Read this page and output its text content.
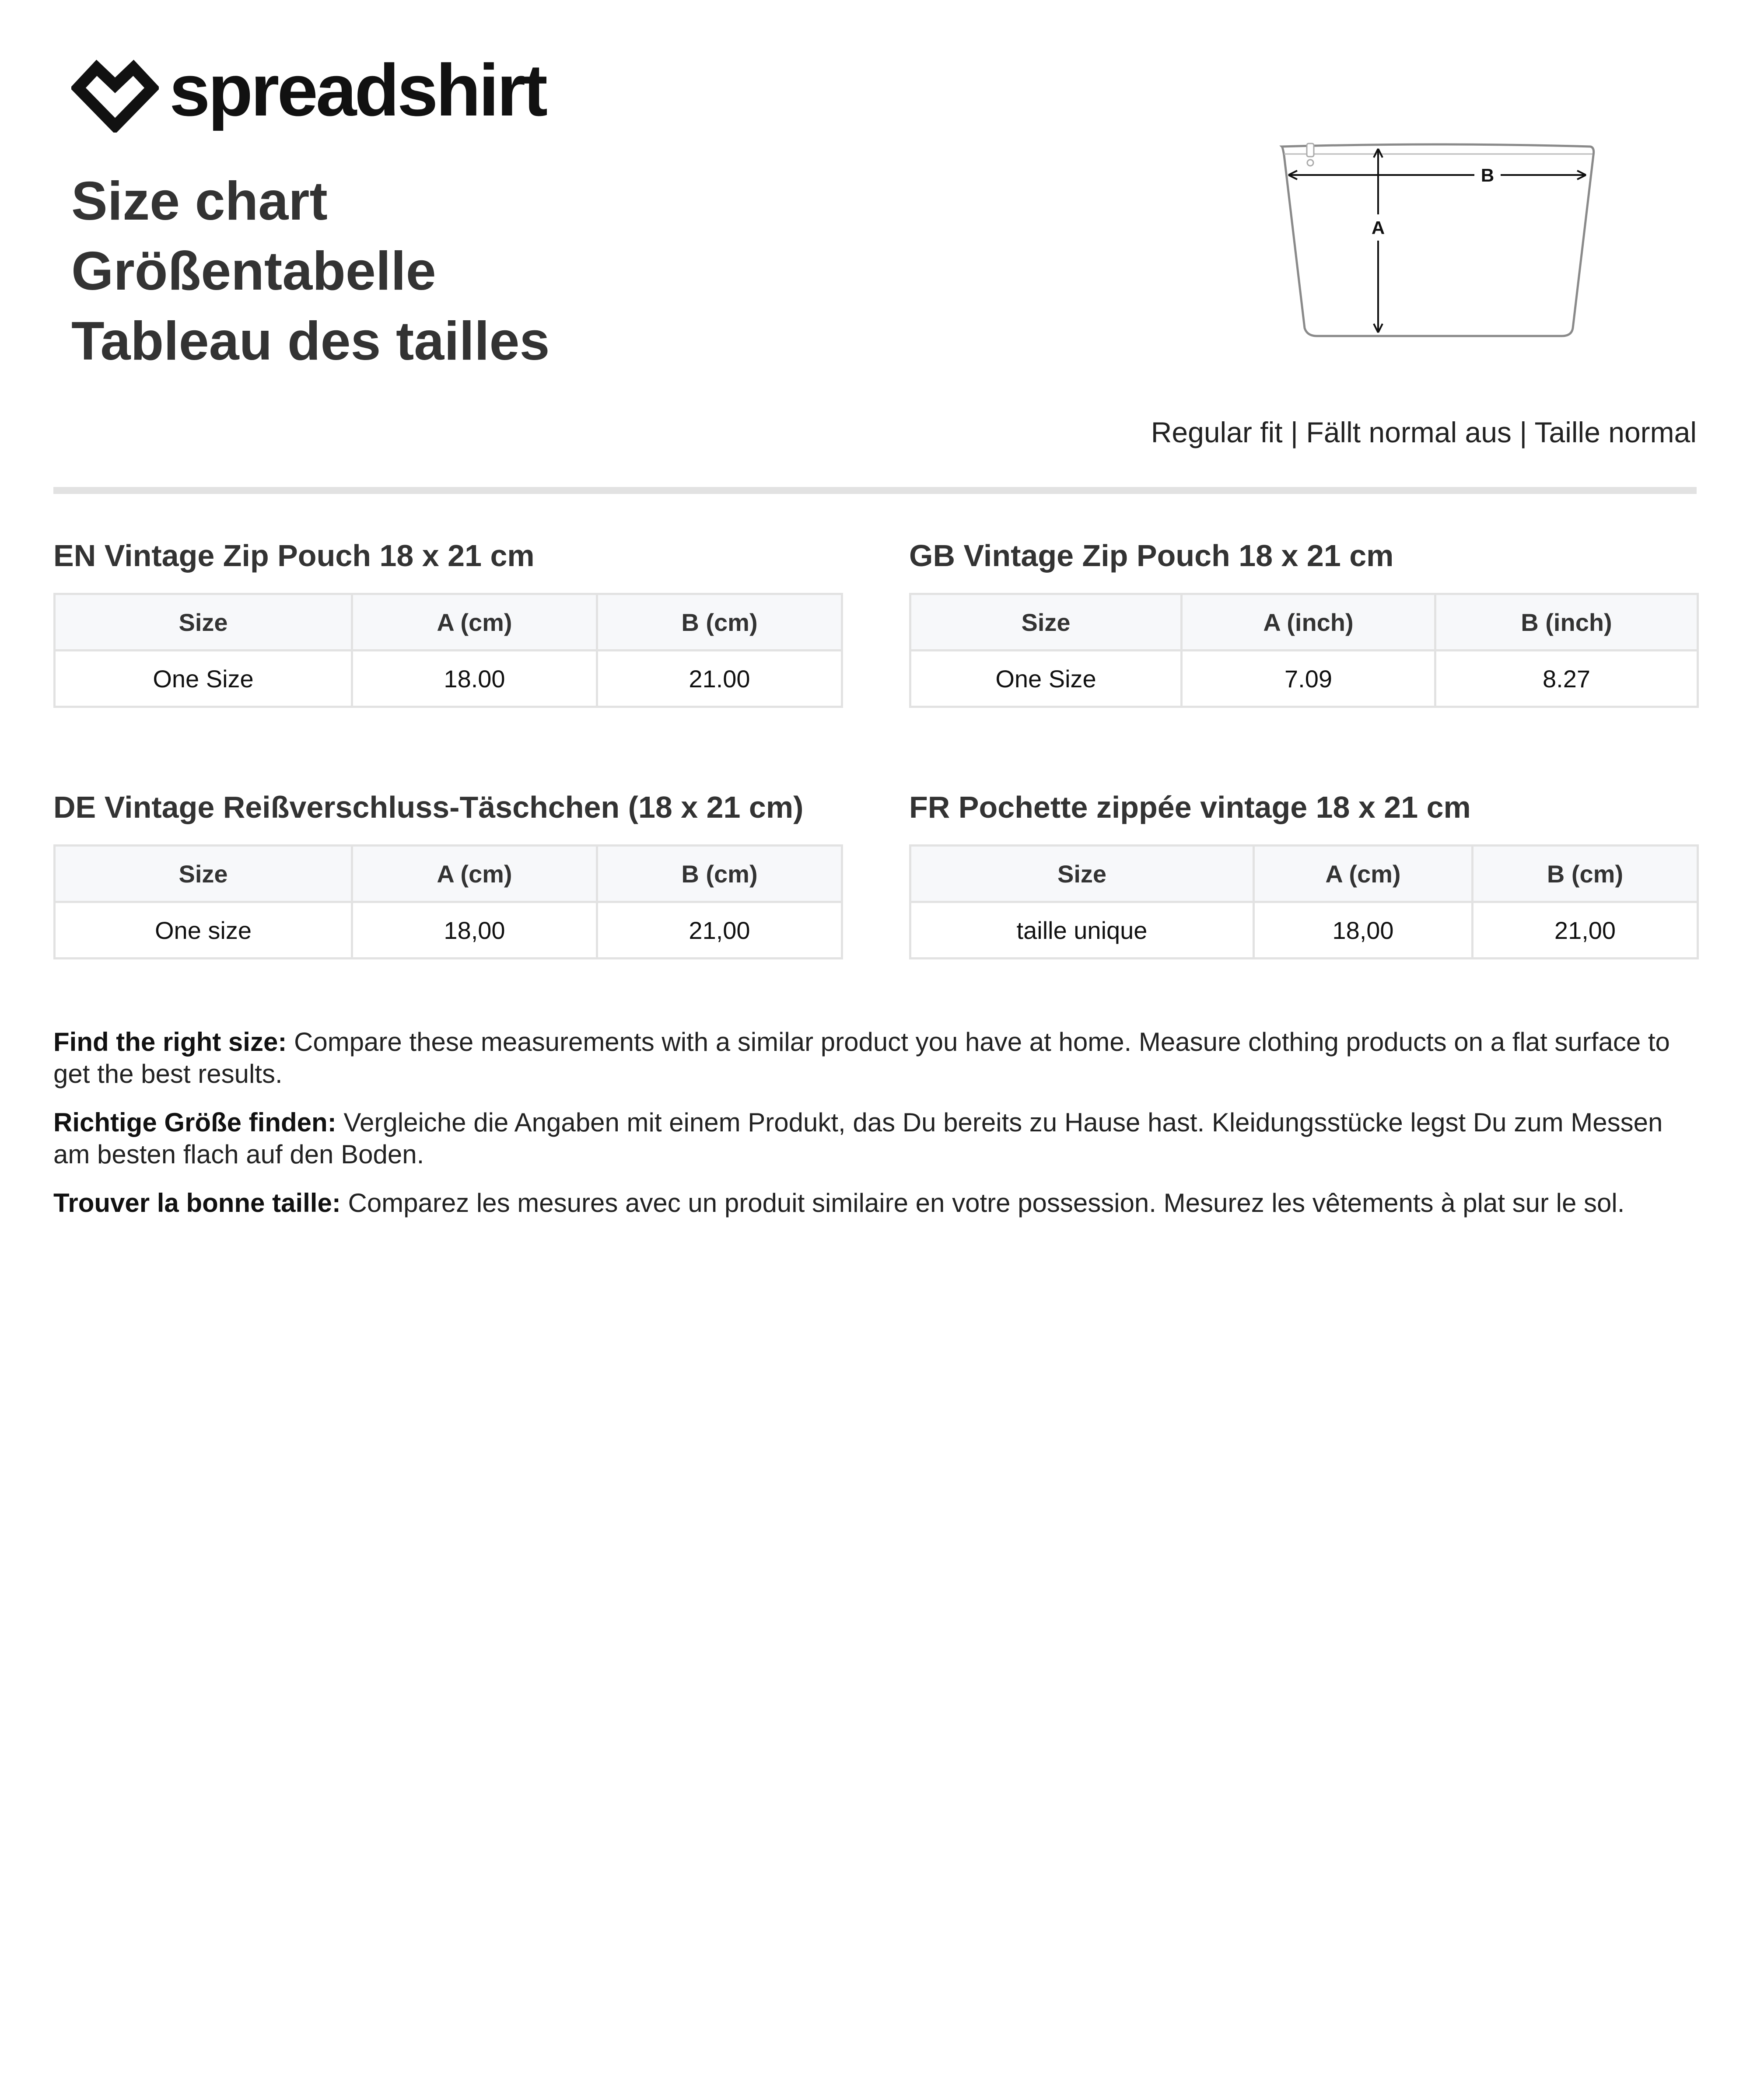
spreadshirt
Size chart
Größentabelle
Tableau des tailles
B
A
Regular fit | Fällt normal aus | Taille normal
EN Vintage Zip Pouch 18 x 21 cm
Size	A (cm)	B (cm)
One Size	18.00	21.00
GB Vintage Zip Pouch 18 x 21 cm
Size	A (inch)	B (inch)
One Size	7.09	8.27
DE Vintage Reißverschluss-Täschchen (18 x 21 cm)
Size	A (cm)	B (cm)
One size	18,00	21,00
FR Pochette zippée vintage 18 x 21 cm
Size	A (cm)	B (cm)
taille unique	18,00	21,00

Find the right size: Compare these measurements with a similar product you have at home. Measure clothing products on a flat surface to get the best results.

Richtige Größe finden: Vergleiche die Angaben mit einem Produkt, das Du bereits zu Hause hast. Kleidungsstücke legst Du zum Messen am besten flach auf den Boden.

Trouver la bonne taille: Comparez les mesures avec un produit similaire en votre possession. Mesurez les vêtements à plat sur le sol.
